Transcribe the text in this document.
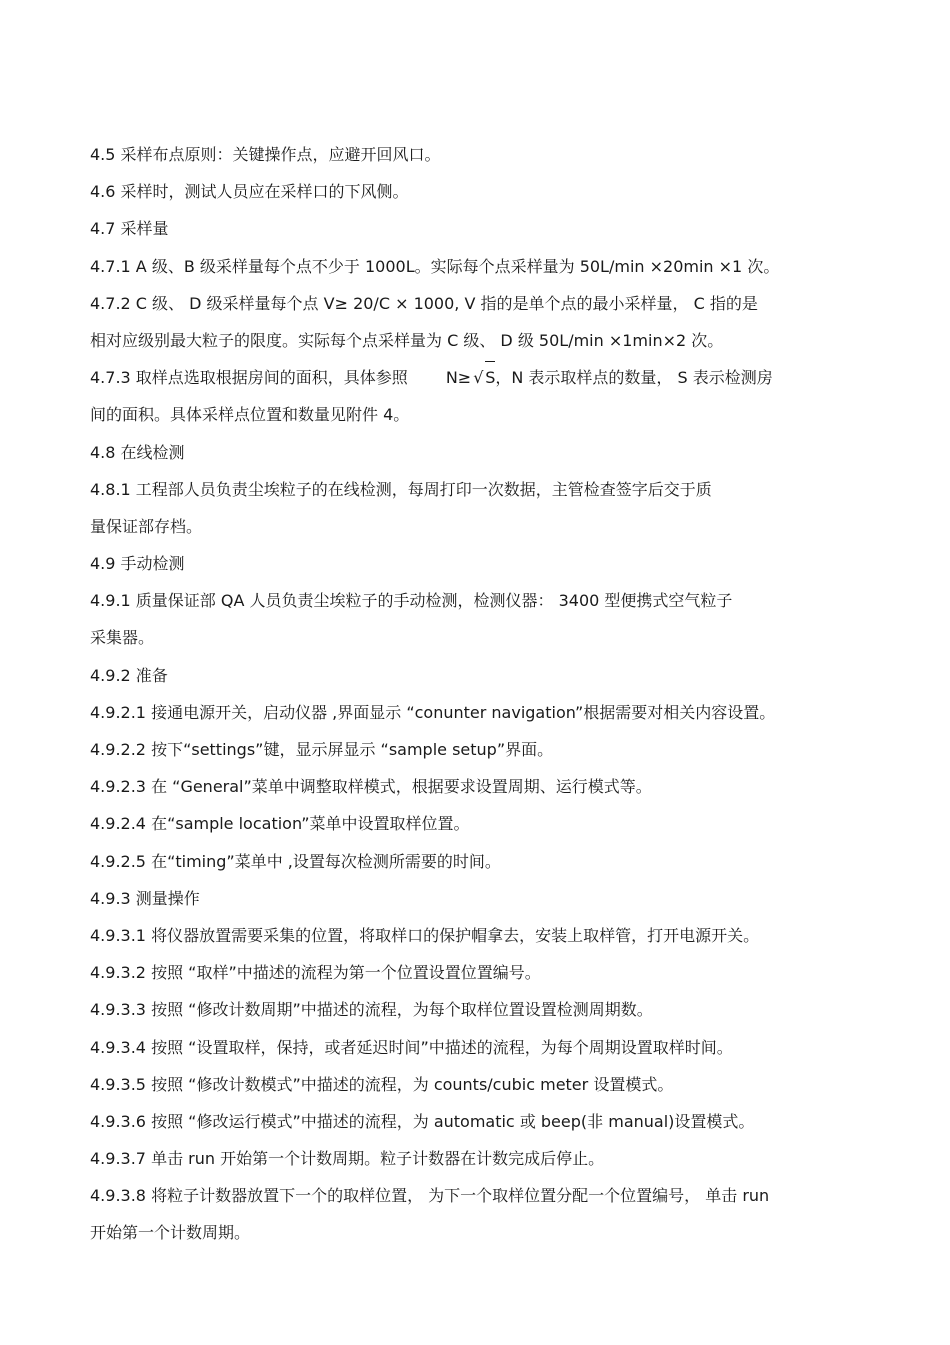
4.5 采样布点原则：关键操作点，应避开回风口。
4.6 采样时，测试人员应在采样口的下风侧。
4.7 采样量
4.7.1 A 级、B 级采样量每个点不少于 1000L。实际每个点采样量为 50L/min ×20min ×1 次。
4.7.2 C 级、 D 级采样量每个点 V≥ 20/C × 1000, V 指的是单个点的最小采样量， C 指的是
相对应级别最大粒子的限度。实际每个点采样量为 C 级、 D 级 50L/min ×1min×2 次。
4.7.3 取样点选取根据房间的面积，具体参照 N≥ √ S，N 表示取样点的数量， S 表示检测房
间的面积。具体采样点位置和数量见附件 4。
4.8 在线检测
4.8.1 工程部人员负责尘埃粒子的在线检测，每周打印一次数据，主管检查签字后交于质
量保证部存档。
4.9 手动检测
4.9.1 质量保证部 QA 人员负责尘埃粒子的手动检测，检测仪器： 3400 型便携式空气粒子
采集器。
4.9.2 准备
4.9.2.1 接通电源开关，启动仪器 ,界面显示 “conunter navigation”根据需要对相关内容设置。
4.9.2.2 按下“settings”键，显示屏显示 “sample setup”界面。
4.9.2.3 在 “General”菜单中调整取样模式，根据要求设置周期、运行模式等。
4.9.2.4 在“sample location”菜单中设置取样位置。
4.9.2.5 在“timing”菜单中 ,设置每次检测所需要的时间。
4.9.3 测量操作
4.9.3.1 将仪器放置需要采集的位置，将取样口的保护帽拿去，安装上取样管，打开电源开关。
4.9.3.2 按照 “取样”中描述的流程为第一个位置设置位置编号。
4.9.3.3 按照 “修改计数周期”中描述的流程，为每个取样位置设置检测周期数。
4.9.3.4 按照 “设置取样，保持，或者延迟时间”中描述的流程，为每个周期设置取样时间。
4.9.3.5 按照 “修改计数模式”中描述的流程，为 counts/cubic meter 设置模式。
4.9.3.6 按照 “修改运行模式”中描述的流程，为 automatic 或 beep(非 manual)设置模式。
4.9.3.7 单击 run 开始第一个计数周期。粒子计数器在计数完成后停止。
4.9.3.8 将粒子计数器放置下一个的取样位置， 为下一个取样位置分配一个位置编号， 单击 run
开始第一个计数周期。
